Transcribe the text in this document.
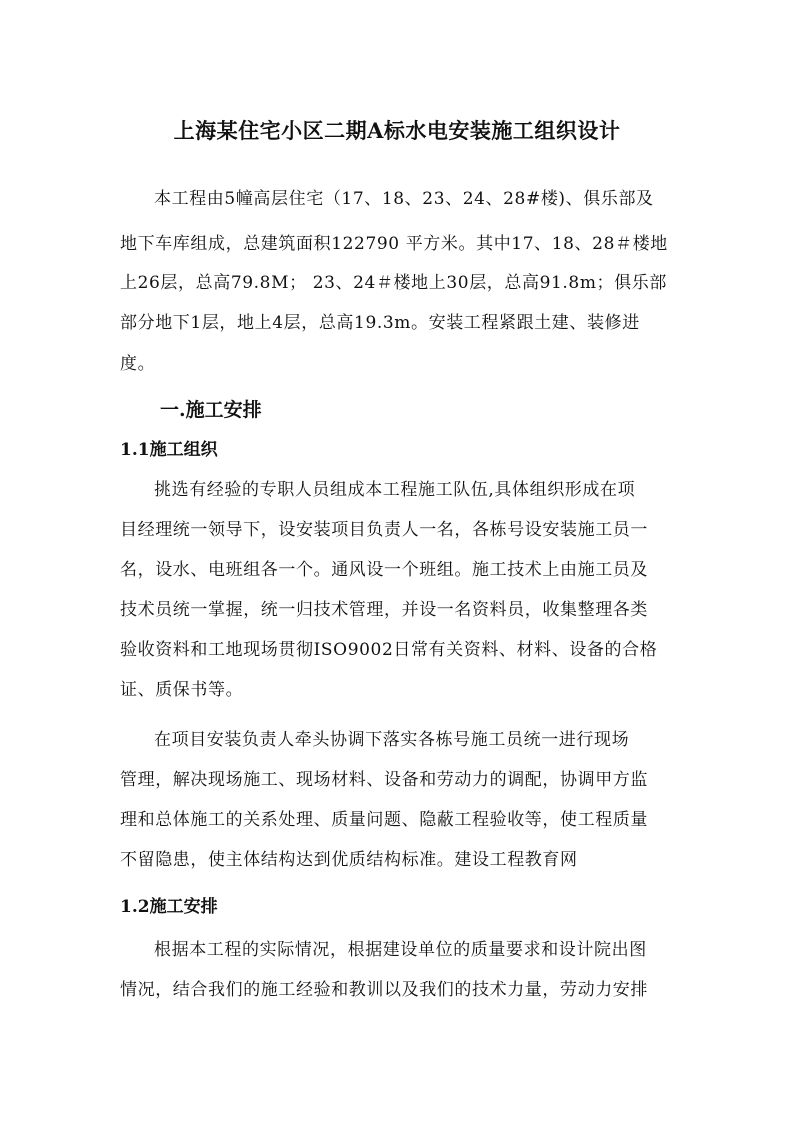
上海某住宅小区二期A标水电安装施工组织设计
本工程由5幢高层住宅（17、18、23、24、28#楼)、俱乐部及
地下车库组成，总建筑面积122790 平方米。其中17、18、28＃楼地
上26层，总高79.8M； 23、24＃楼地上30层，总高91.8m；俱乐部
部分地下1层，地上4层，总高19.3m。安装工程紧跟土建、装修进
度。
一.施工安排
1.1施工组织
挑选有经验的专职人员组成本工程施工队伍,具体组织形成在项
目经理统一领导下，设安装项目负责人一名，各栋号设安装施工员一
名，设水、电班组各一个。通风设一个班组。施工技术上由施工员及
技术员统一掌握，统一归技术管理，并设一名资料员，收集整理各类
验收资料和工地现场贯彻ISO9002日常有关资料、材料、设备的合格
证、质保书等。
在项目安装负责人牵头协调下落实各栋号施工员统一进行现场
管理，解决现场施工、现场材料、设备和劳动力的调配，协调甲方监
理和总体施工的关系处理、质量问题、隐蔽工程验收等，使工程质量
不留隐患，使主体结构达到优质结构标准。建设工程教育网
1.2施工安排
根据本工程的实际情况，根据建设单位的质量要求和设计院出图
情况，结合我们的施工经验和教训以及我们的技术力量，劳动力安排
